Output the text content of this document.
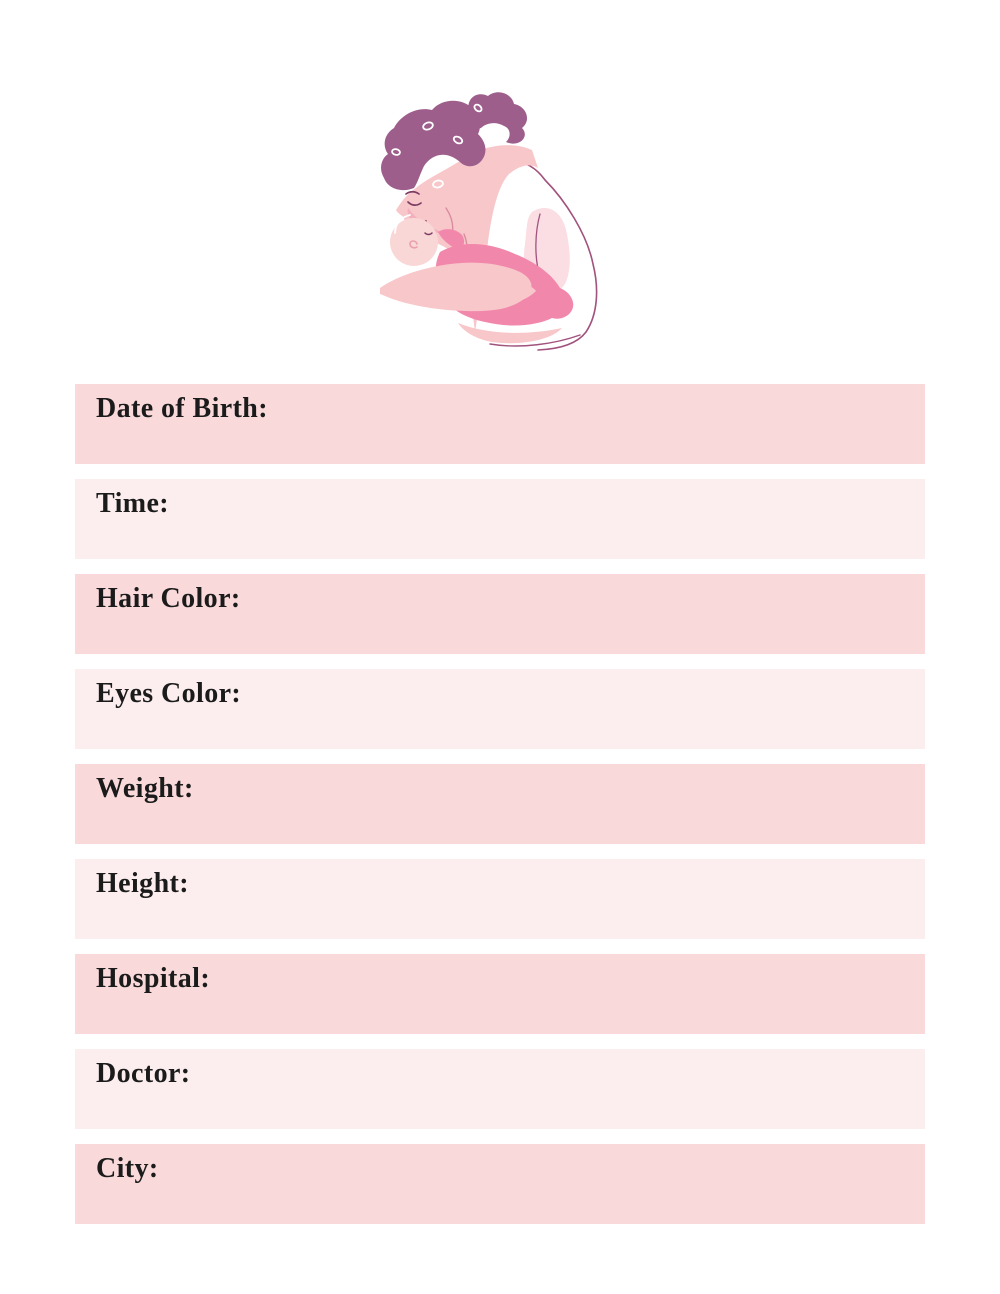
Date of Birth:
Time:
Hair Color:
Eyes Color:
Weight:
Height:
Hospital:
Doctor:
City:
